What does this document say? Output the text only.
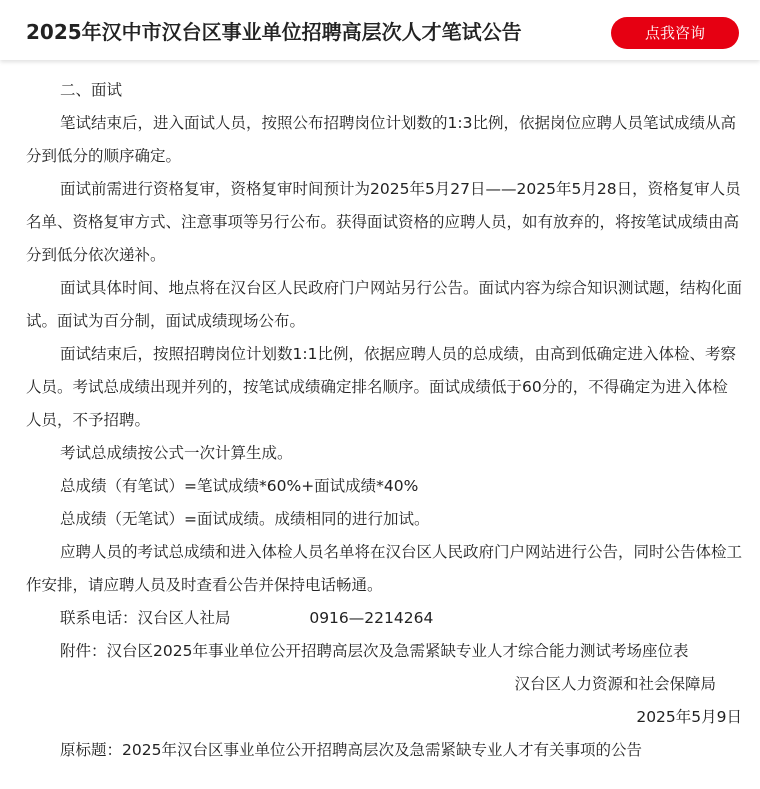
2025年汉中市汉台区事业单位招聘高层次人才笔试公告	点我咨询

二、面试

笔试结束后，进入面试人员，按照公布招聘岗位计划数的1:3比例，依据岗位应聘人员笔试成绩从高分到低分的顺序确定。

面试前需进行资格复审，资格复审时间预计为2025年5月27日——2025年5月28日，资格复审人员名单、资格复审方式、注意事项等另行公布。获得面试资格的应聘人员，如有放弃的，将按笔试成绩由高分到低分依次递补。

面试具体时间、地点将在汉台区人民政府门户网站另行公告。面试内容为综合知识测试题，结构化面试。面试为百分制，面试成绩现场公布。

面试结束后，按照招聘岗位计划数1:1比例，依据应聘人员的总成绩，由高到低确定进入体检、考察人员。考试总成绩出现并列的，按笔试成绩确定排名顺序。面试成绩低于60分的，不得确定为进入体检人员，不予招聘。

考试总成绩按公式一次计算生成。

总成绩（有笔试）=笔试成绩*60%+面试成绩*40%

总成绩（无笔试）=面试成绩。成绩相同的进行加试。

应聘人员的考试总成绩和进入体检人员名单将在汉台区人民政府门户网站进行公告，同时公告体检工作安排，请应聘人员及时查看公告并保持电话畅通。

联系电话：汉台区人社局                0916—2214264

附件：汉台区2025年事业单位公开招聘高层次及急需紧缺专业人才综合能力测试考场座位表

汉台区人力资源和社会保障局

2025年5月9日

原标题：2025年汉台区事业单位公开招聘高层次及急需紧缺专业人才有关事项的公告
